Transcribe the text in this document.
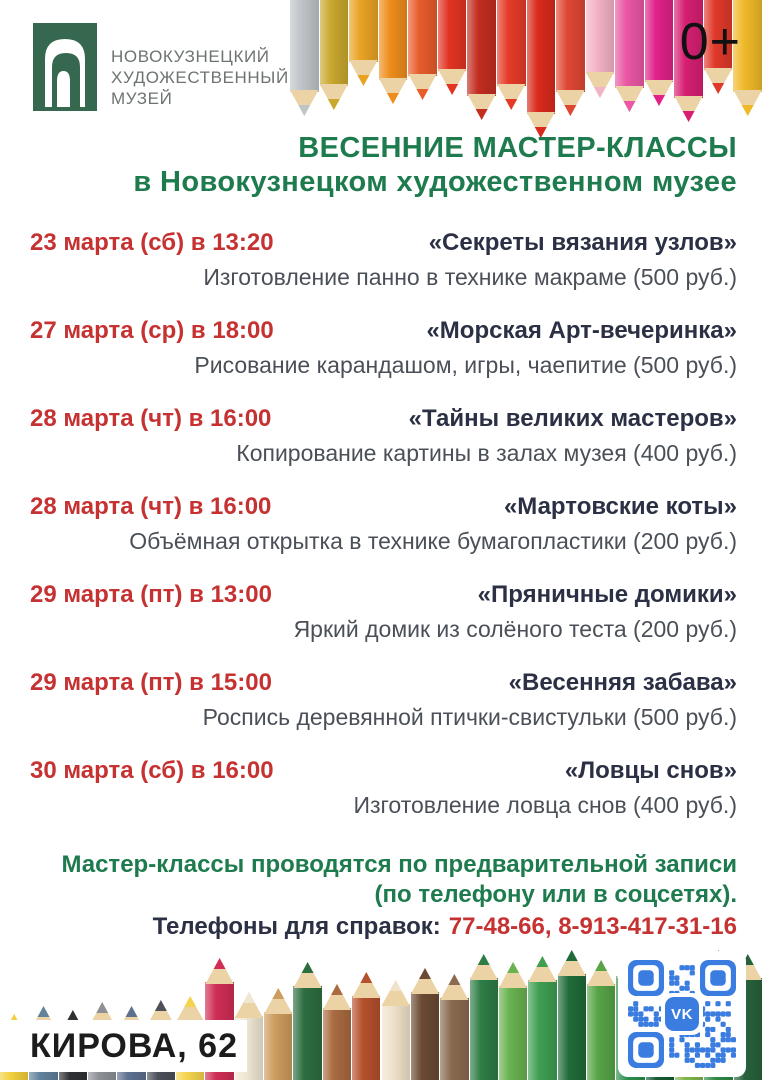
НОВОКУЗНЕЦКИЙ
ХУДОЖЕСТВЕННЫЙ
МУЗЕЙ
0+
ВЕСЕННИЕ МАСТЕР-КЛАССЫ
в Новокузнецком художественном музее
23 марта (сб) в 13:20	«Секреты вязания узлов»
Изготовление панно в технике макраме (500 руб.)
27 марта (ср) в 18:00	«Морская Арт-вечеринка»
Рисование карандашом, игры, чаепитие (500 руб.)
28 марта (чт) в 16:00	«Тайны великих мастеров»
Копирование картины в залах музея (400 руб.)
28 марта (чт) в 16:00	«Мартовские коты»
Объёмная открытка в технике бумагопластики (200 руб.)
29 марта (пт) в 13:00	«Пряничные домики»
Яркий домик из солёного теста (200 руб.)
29 марта (пт) в 15:00	«Весенняя забава»
Роспись деревянной птички-свистульки (500 руб.)
30 марта (сб) в 16:00	«Ловцы снов»
Изготовление ловца снов (400 руб.)
Мастер-классы проводятся по предварительной записи
(по телефону или в соцсетях).
Телефоны для справок: 77-48-66, 8-913-417-31-16
КИРОВА, 62
VK
